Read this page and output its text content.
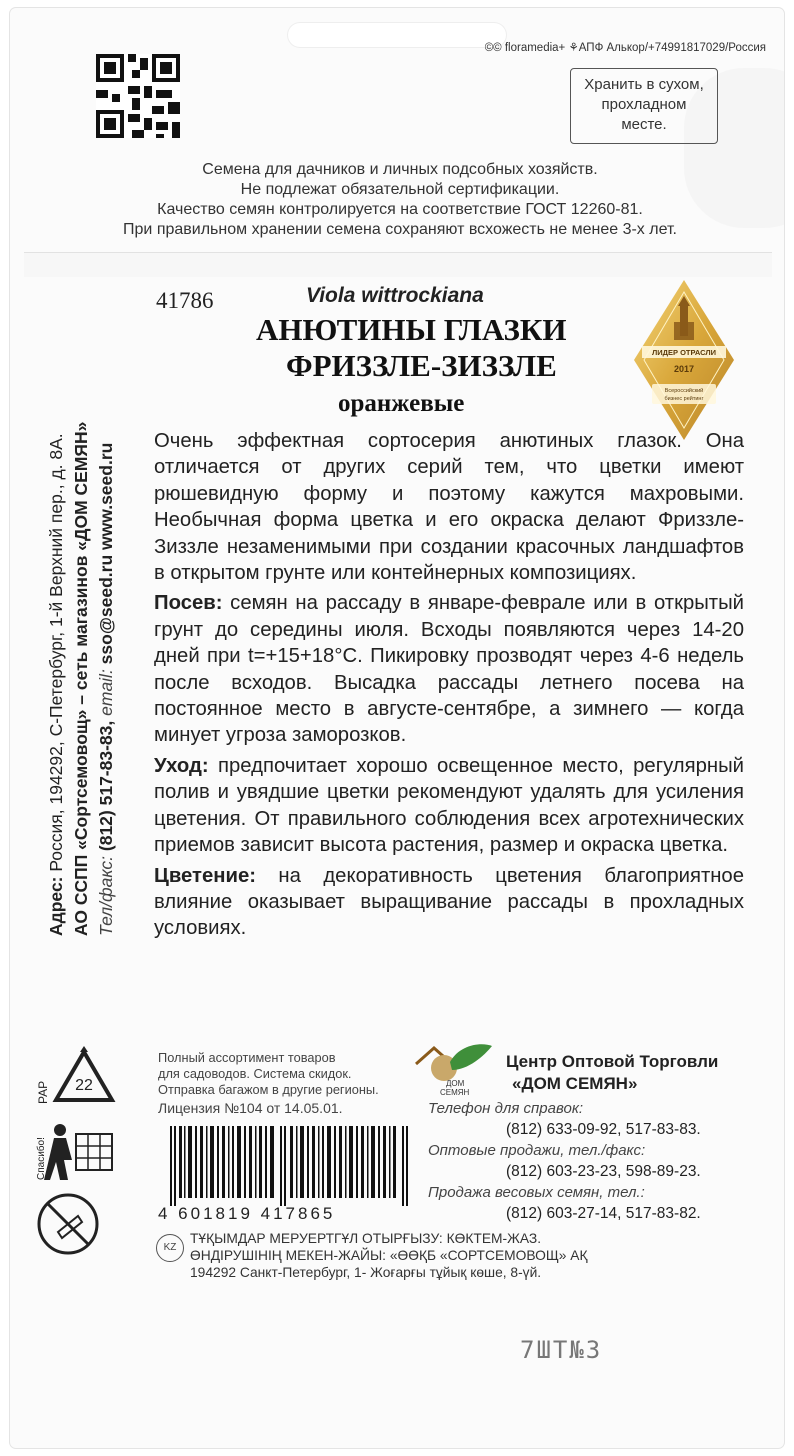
©© floramedia+ ⚘АПФ Алькор/+74991817029/Россия
Хранить в сухом,
прохладном
месте.
Семена для дачников и личных подсобных хозяйств.
Не подлежат обязательной сертификации.
Качество семян контролируется на соответствие ГОСТ 12260-81.
При правильном хранении семена сохраняют всхожесть не менее 3-х лет.
Адрес: Россия, 194292, С-Петербург, 1-й Верхний пер., д. 8А. АО ССПП «Сортсемовощ» – сеть магазинов «ДОМ СЕМЯН» Тел/факс: (812) 517-83-83, email: sso@seed.ru www.seed.ru
41786	Viola wittrockiana
АНЮТИНЫ ГЛАЗКИ
ФРИЗЗЛЕ-ЗИЗЗЛЕ
оранжевые
ЛИДЕР ОТРАСЛИ
2017
Всероссийский
бизнес рейтинг

Очень эффектная сортосерия анютиных глазок. Она отличается от других серий тем, что цветки имеют рюшевидную форму и поэтому кажутся махровыми. Необычная форма цветка и его окраска делают Фриззле-Зиззле незаменимыми при создании красочных ландшафтов в открытом грунте или контейнерных композициях.

Посев: семян на рассаду в январе-феврале или в открытый грунт до середины июля. Всходы появляются через 14-20 дней при t=+15+18°С. Пикировку прозводят через 4-6 недель после всходов. Высадка рассады летнего посева на постоянное место в августе-сентябре, а зимнего — когда минует угроза заморозков.

Уход: предпочитает хорошо освещенное место, регулярный полив и увядшие цветки рекомендуют удалять для усиления цветения. От правильного соблюдения всех агротехнических приемов зависит высота растения, размер и окраска цветка.

Цветение: на декоративность цветения благоприятное влияние оказывает выращивание рассады в прохладных условиях.

22
PAP
Спасибо!
Полный ассортимент товаров
для садоводов. Система скидок.
Отправка багажом в другие регионы.
Лицензия №104 от 14.05.01.
4 601819 417865
ДОМ
СЕМЯН
Центр Оптовой Торговли
«ДОМ СЕМЯН»
Телефон для справок:
(812) 633-09-92, 517-83-83.
Оптовые продажи, тел./факс:
(812) 603-23-23, 598-89-23.
Продажа весовых семян, тел.:
(812) 603-27-14, 517-83-82.
KZ
ТҰҚЫМДАР МЕРУЕРТГҰЛ ОТЫРҒЫЗУ: КӨКТЕМ-ЖАЗ.
ӨНДІРУШІНІҢ МЕКЕН-ЖАЙЫ: «ӨӨҚБ «СОРТСЕМОВОЩ» АҚ
194292 Санкт-Петербург, 1- Жоғарғы тұйық көше, 8-үй.
7ШТ№3
